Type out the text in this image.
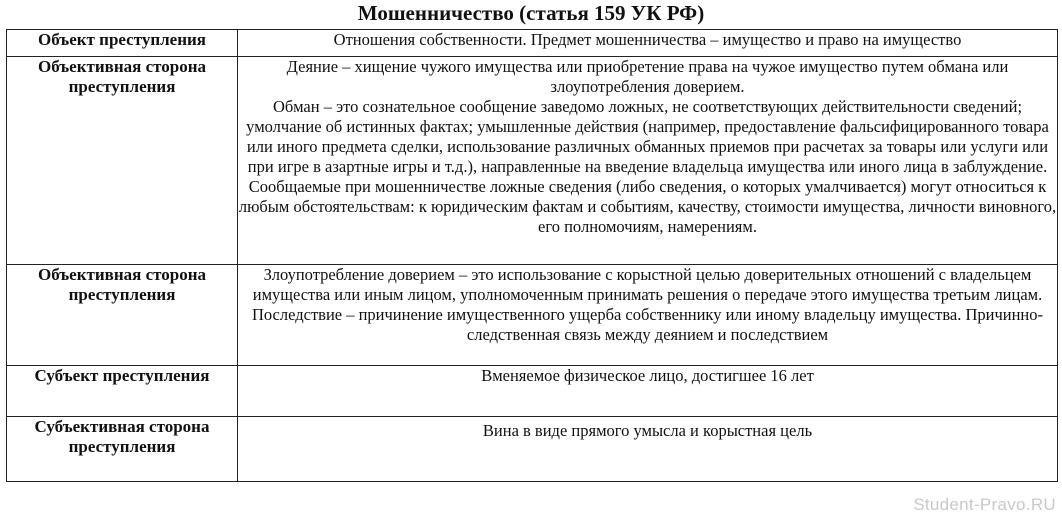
Мошенничество (статья 159 УК РФ)
Объект преступления	Отношения собственности. Предмет мошенничества – имущество и право на имущество

Объективная сторона преступления	Деяние – хищение чужого имущества или приобретение права на чужое имущество путем обмана или злоупотребления доверием.

Обман – это сознательное сообщение заведомо ложных, не соответствующих действительности сведений; умолчание об истинных фактах; умышленные действия (например, предоставление фальсифицированного товара или иного предмета сделки, использование различных обманных приемов при расчетах за товары или услуги или при игре в азартные игры и т.д.), направленные на введение владельца имущества или иного лица в заблуждение.

Сообщаемые при мошенничестве ложные сведения (либо сведения, о которых умалчивается) могут относиться к любым обстоятельствам: к юридическим фактам и событиям, качеству, стоимости имущества, личности виновного, его полномочиям, намерениям.

Объективная сторона преступления	Злоупотребление доверием – это использование с корыстной целью доверительных отношений с владельцем имущества или иным лицом, уполномоченным принимать решения о передаче этого имущества третьим лицам.

Последствие – причинение имущественного ущерба собственнику или иному владельцу имущества. Причинно-следственная связь между деянием и последствием

Субъект преступления	Вменяемое физическое лицо, достигшее 16 лет

Субъективная сторона преступления	Вина в виде прямого умысла и корыстная цель

Student-Pravo.RU
